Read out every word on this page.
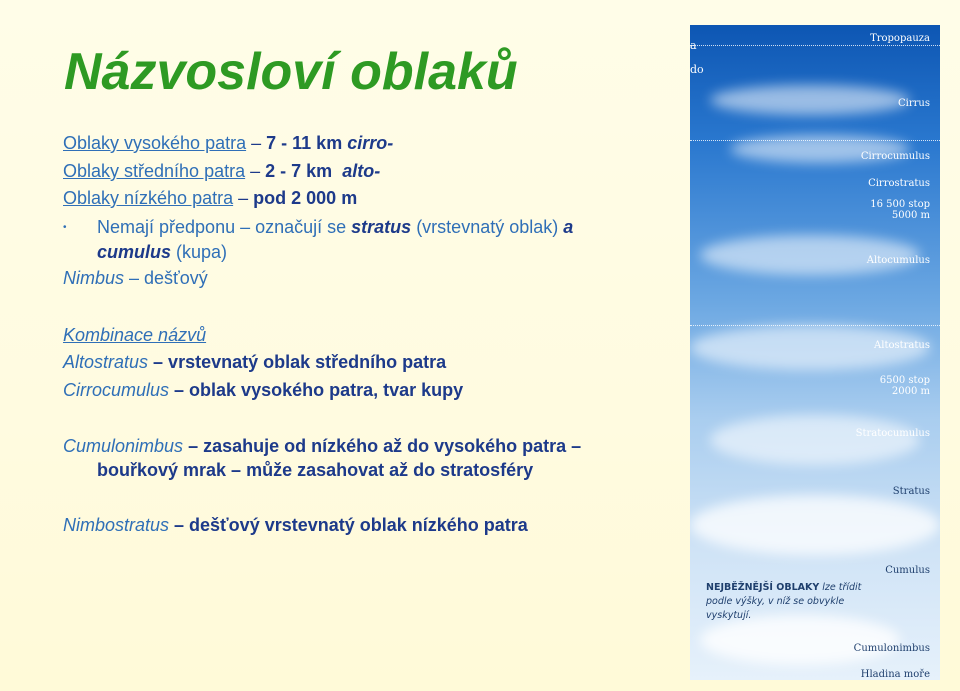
Názvosloví oblaků
Oblaky vysokého patra – 7 - 11 km cirro-
Oblaky středního patra – 2 - 7 km alto-
Oblaky nízkého patra – pod 2 000 m
• Nemají předponu – označují se stratus (vrstevnatý oblak) a
cumulus (kupa)
Nimbus – dešťový
Kombinace názvů
Altostratus – vrstevnatý oblak středního patra
Cirrocumulus – oblak vysokého patra, tvar kupy
Cumulonimbus – zasahuje od nízkého až do vysokého patra –
bouřkový mrak – může zasahovat až do stratosféry
Nimbostratus – dešťový vrstevnatý oblak nízkého patra
a
do
Tropopauza
Cirrus
Cirrocumulus
Cirrostratus
16 500 stop
5000 m
Altocumulus
Altostratus
6500 stop
2000 m
Stratocumulus
Stratus
Cumulus
Cumulonimbus
Hladina moře
NEJBĚŽNĚJŠÍ OBLAKY lze třídit podle výšky, v níž se obvykle vyskytují.
